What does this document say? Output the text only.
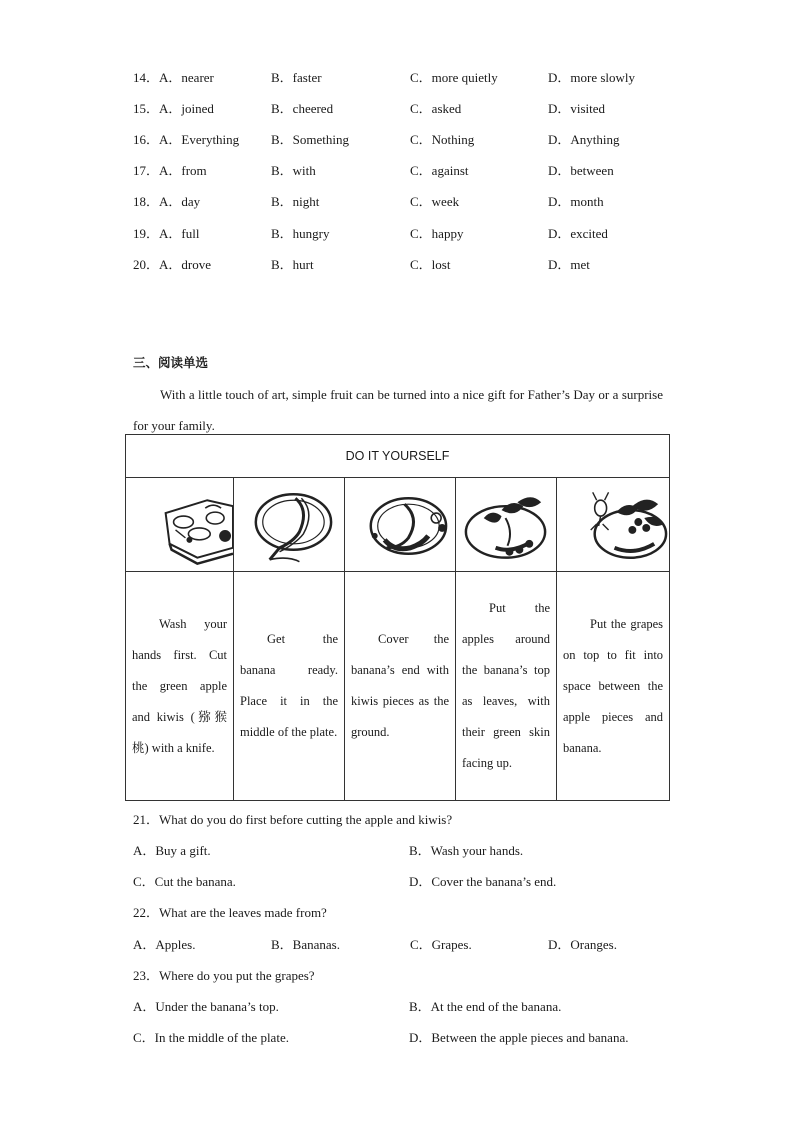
14．A．nearer	B．faster	C．more quietly	D．more slowly
15．A．joined	B．cheered	C．asked	D．visited
16．A．Everything B．Something	C．Nothing	D．Anything
17．A．from	B．with	C．against	D．between
18．A．day	B．night	C．week	D．month
19．A．full	B．hungry	C．happy	D．excited
20．A．drove	B．hurt	C．lost	D．met
三、阅读单选
With a little touch of art, simple fruit can be turned into a nice gift for Father’s Day or a surprise for your family.
DO IT YOURSELF				

Wash your hands first. Cut the green apple and kiwis (猕猴桃) with a knife.	Get the banana ready. Place it in the middle of the plate.	Cover the banana’s end with kiwis pieces as the ground.	Put the apples around the banana’s top as leaves, with their green skin facing up.	Put the grapes on top to fit into space between the apple pieces and banana.
21．What do you do first before cutting the apple and kiwis?
A．Buy a gift.	B．Wash your hands.
C．Cut the banana.	D．Cover the banana’s end.
22．What are the leaves made from?
A．Apples.	B．Bananas.	C．Grapes.	D．Oranges.
23．Where do you put the grapes?
A．Under the banana’s top.	B．At the end of the banana.
C．In the middle of the plate.	D．Between the apple pieces and banana.
